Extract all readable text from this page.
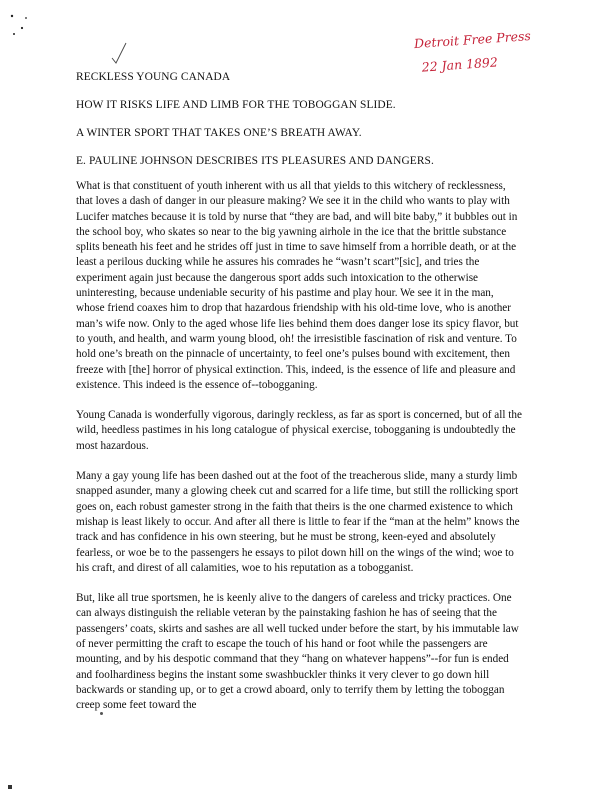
Detroit Free Press
22 Jan 1892

RECKLESS YOUNG CANADA

HOW IT RISKS LIFE AND LIMB FOR THE TOBOGGAN SLIDE.

A WINTER SPORT THAT TAKES ONE’S BREATH AWAY.

E. PAULINE JOHNSON DESCRIBES ITS PLEASURES AND DANGERS.

What is that constituent of youth inherent with us all that yields to this witchery of recklessness, that loves a dash of danger in our pleasure making? We see it in the child who wants to play with Lucifer matches because it is told by nurse that “they are bad, and will bite baby,” it bubbles out in the school boy, who skates so near to the big yawning airhole in the ice that the brittle substance splits beneath his feet and he strides off just in time to save himself from a horrible death, or at the least a perilous ducking while he assures his comrades he “wasn’t scart”[sic], and tries the experiment again just because the dangerous sport adds such intoxication to the otherwise uninteresting, because undeniable security of his pastime and play hour. We see it in the man, whose friend coaxes him to drop that hazardous friendship with his old-time love, who is another man’s wife now. Only to the aged whose life lies behind them does danger lose its spicy flavor, but to youth, and health, and warm young blood, oh! the irresistible fascination of risk and venture. To hold one’s breath on the pinnacle of uncertainty, to feel one’s pulses bound with excitement, then freeze with [the] horror of physical extinction. This, indeed, is the essence of life and pleasure and existence. This indeed is the essence of--tobogganing.

Young Canada is wonderfully vigorous, daringly reckless, as far as sport is concerned, but of all the wild, heedless pastimes in his long catalogue of physical exercise, tobogganing is undoubtedly the most hazardous.

Many a gay young life has been dashed out at the foot of the treacherous slide, many a sturdy limb snapped asunder, many a glowing cheek cut and scarred for a life time, but still the rollicking sport goes on, each robust gamester strong in the faith that theirs is the one charmed existence to which mishap is least likely to occur. And after all there is little to fear if the “man at the helm” knows the track and has confidence in his own steering, but he must be strong, keen-eyed and absolutely fearless, or woe be to the passengers he essays to pilot down hill on the wings of the wind; woe to his craft, and direst of all calamities, woe to his reputation as a tobogganist.

But, like all true sportsmen, he is keenly alive to the dangers of careless and tricky practices. One can always distinguish the reliable veteran by the painstaking fashion he has of seeing that the passengers’ coats, skirts and sashes are all well tucked under before the start, by his immutable law of never permitting the craft to escape the touch of his hand or foot while the passengers are mounting, and by his despotic command that they “hang on whatever happens”--for fun is ended and foolhardiness begins the instant some swashbuckler thinks it very clever to go down hill backwards or standing up, or to get a crowd aboard, only to terrify them by letting the toboggan creep some feet toward the
